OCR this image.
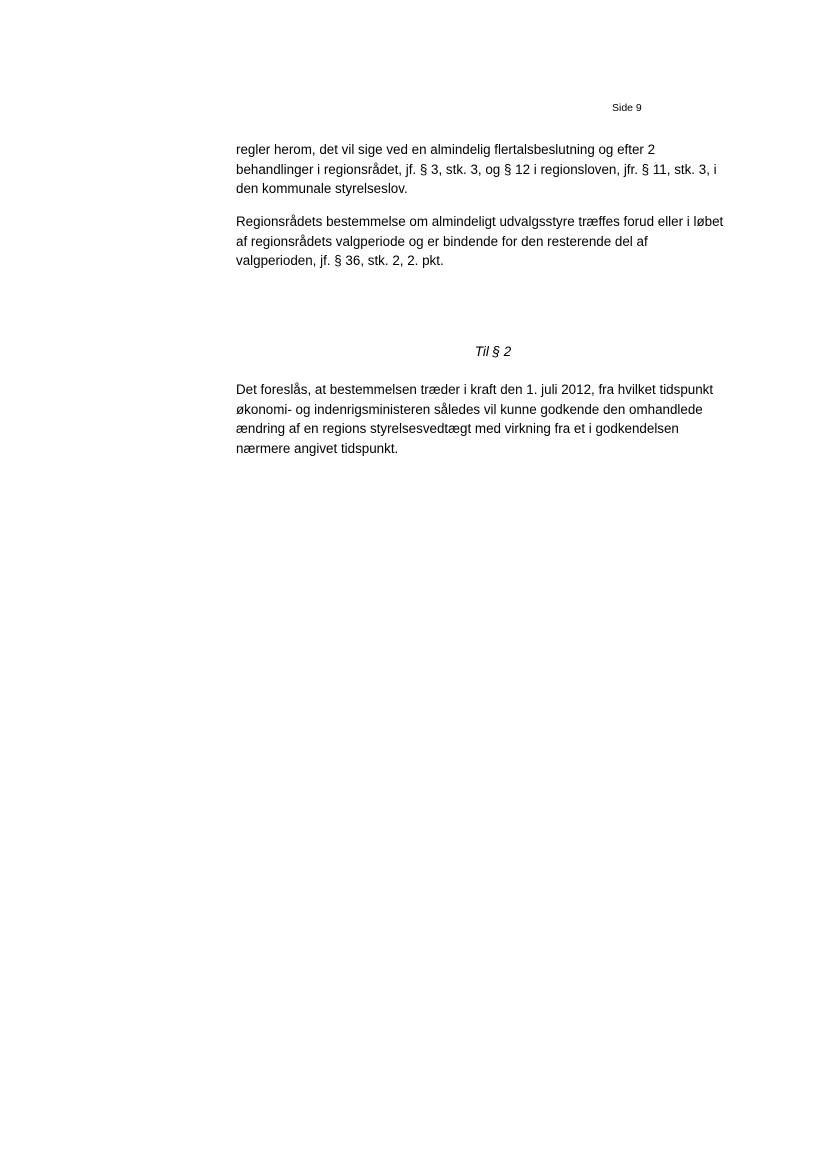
Side 9
regler herom, det vil sige ved en almindelig flertalsbeslutning og efter 2
behandlinger i regionsrådet, jf. § 3, stk. 3, og § 12 i regionsloven, jfr. § 11, stk. 3, i
den kommunale styrelseslov.
Regionsrådets bestemmelse om almindeligt udvalgsstyre træffes forud eller i løbet
af regionsrådets valgperiode og er bindende for den resterende del af
valgperioden, jf. § 36, stk. 2, 2. pkt.
Til § 2
Det foreslås, at bestemmelsen træder i kraft den 1. juli 2012, fra hvilket tidspunkt
økonomi- og indenrigsministeren således vil kunne godkende den omhandlede
ændring af en regions styrelsesvedtægt med virkning fra et i godkendelsen
nærmere angivet tidspunkt.
